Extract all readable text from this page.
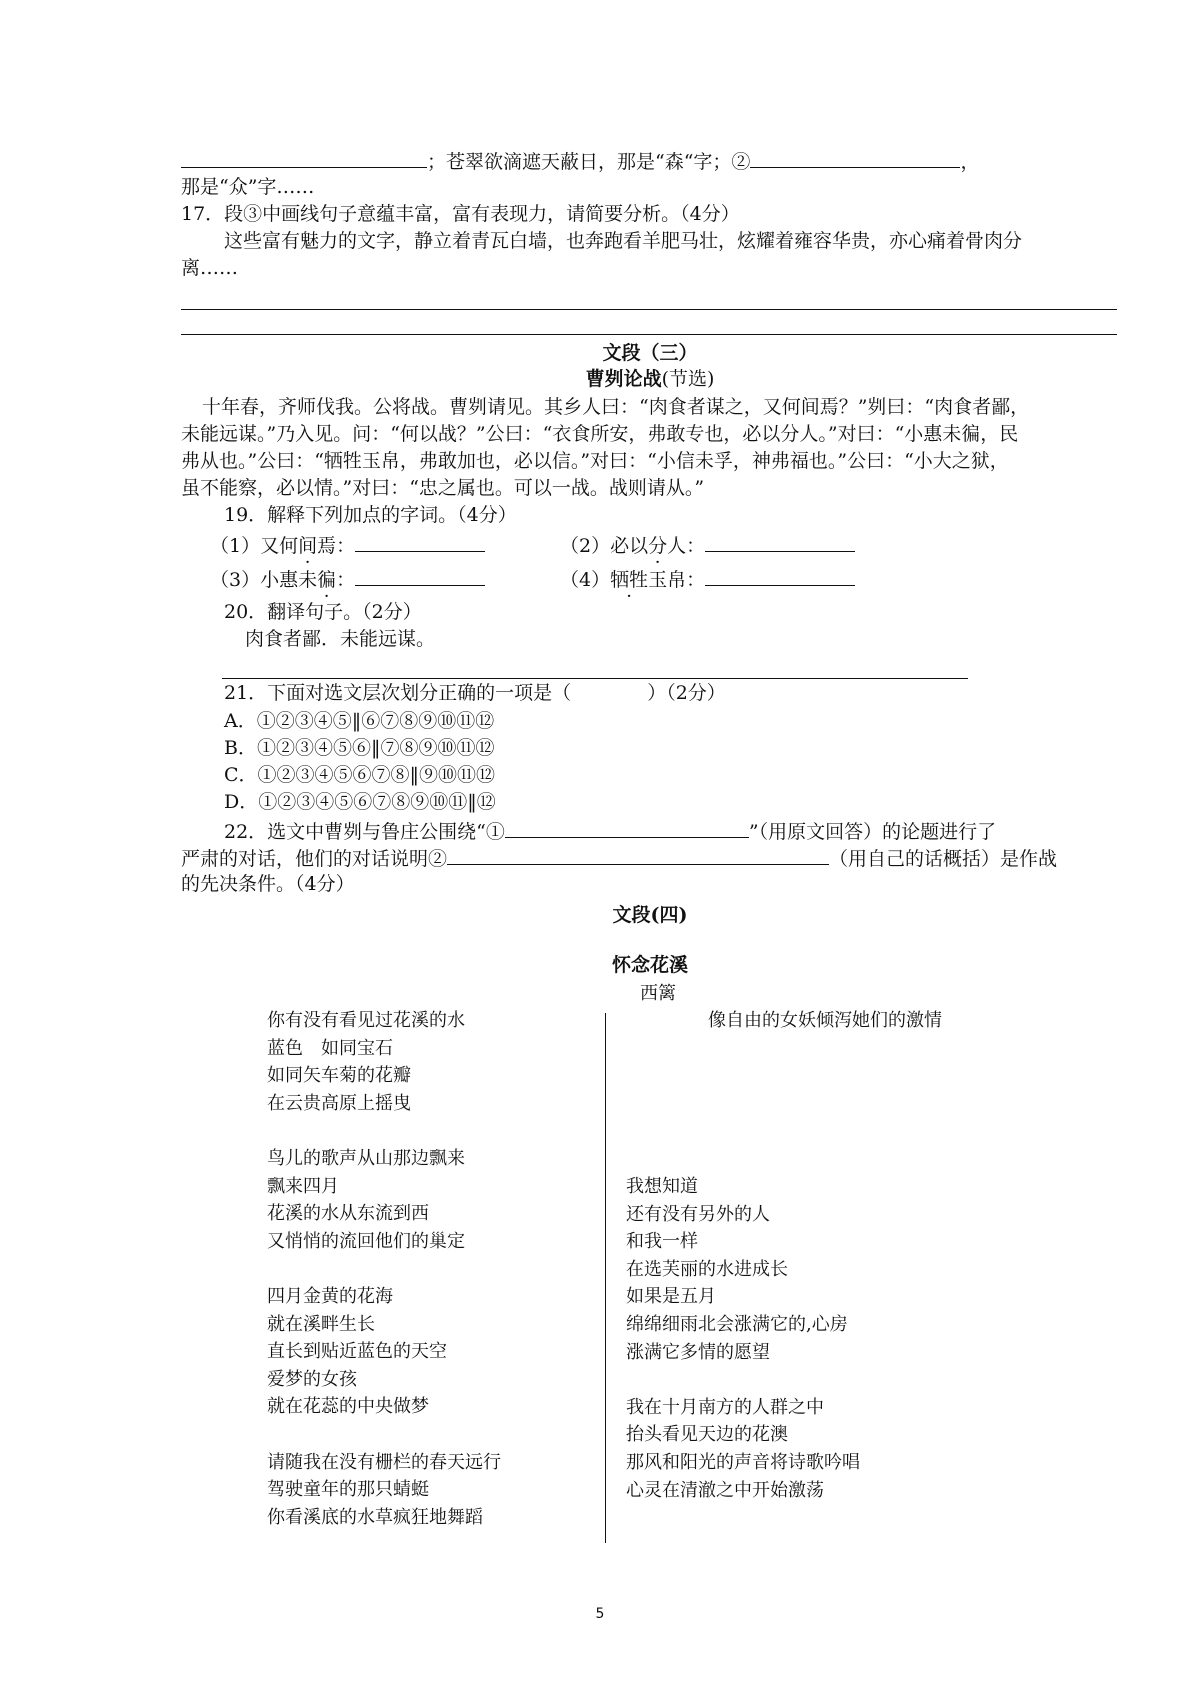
；苍翠欲滴遮天蔽日，那是“森“字；②	，
那是“众”字……
17．段③中画线句子意蕴丰富，富有表现力，请简要分析。（4分）
这些富有魅力的文字，静立着青瓦白墙，也奔跑看羊肥马壮，炫耀着雍容华贵，亦心痛着骨肉分
离……
文段（三）
曹刿论战(节选)
十年春，齐师伐我。公将战。曹刿请见。其乡人曰：“肉食者谋之，又何间焉？”刿曰：“肉食者鄙，
未能远谋。”乃入见。问：“何以战？”公曰：“衣食所安，弗敢专也，必以分人。”对曰：“小惠未徧，民
弗从也。”公曰：“牺牲玉帛，弗敢加也，必以信。”对曰：“小信未孚，神弗福也。”公曰：“小大之狱，
虽不能察，必以情。”对曰：“忠之属也。可以一战。战则请从。”
19．解释下列加点的字词。（4分）
（1）又何间焉：	（2）必以分人：
（3）小惠未徧：	（4）牺牲玉帛：
20．翻译句子。（2分）
肉食者鄙．未能远谋。
21．下面对选文层次划分正确的一项是（	）（2分）
A．①②③④⑤‖⑥⑦⑧⑨⑩⑪⑫
B．①②③④⑤⑥‖⑦⑧⑨⑩⑪⑫
C．①②③④⑤⑥⑦⑧‖⑨⑩⑪⑫
D．①②③④⑤⑥⑦⑧⑨⑩⑪‖⑫
22．选文中曹刿与鲁庄公围绕“①	”（用原文回答）的论题进行了
严肃的对话，他们的对话说明②	（用自己的话概括）是作战
的先决条件。（4分）
文段(四)
怀念花溪
西篱
你有没有看见过花溪的水
蓝色　如同宝石
如同矢车菊的花瓣
在云贵高原上摇曳

鸟儿的歌声从山那边飘来
飘来四月
花溪的水从东流到西
又悄悄的流回他们的巢定

四月金黄的花海
就在溪畔生长
直长到贴近蓝色的天空
爱梦的女孩
就在花蕊的中央做梦

请随我在没有栅栏的春天远行
驾驶童年的那只蜻蜓
你看溪底的水草疯狂地舞蹈
像自由的女妖倾泻她们的激情
我想知道
还有没有另外的人
和我一样
在选芙丽的水进成长
如果是五月
绵绵细雨北会涨满它的,心房
涨满它多情的愿望

我在十月南方的人群之中
抬头看见天边的花澳
那风和阳光的声音将诗歌吟唱
心灵在清澈之中开始激荡
5
